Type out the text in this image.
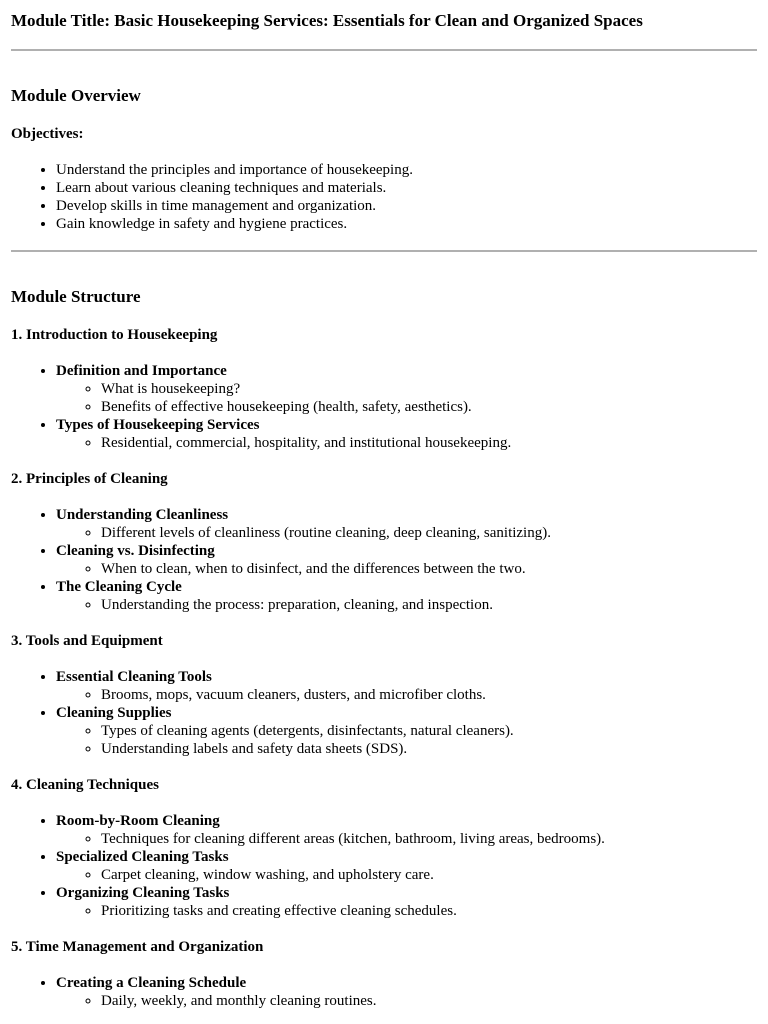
Module Title: Basic Housekeeping Services: Essentials for Clean and Organized Spaces
Module Overview
Objectives:
• Understand the principles and importance of housekeeping.
• Learn about various cleaning techniques and materials.
• Develop skills in time management and organization.
• Gain knowledge in safety and hygiene practices.
Module Structure
1. Introduction to Housekeeping
• Definition and Importance
◦ What is housekeeping?
◦ Benefits of effective housekeeping (health, safety, aesthetics).
• Types of Housekeeping Services
◦ Residential, commercial, hospitality, and institutional housekeeping.
2. Principles of Cleaning
• Understanding Cleanliness
◦ Different levels of cleanliness (routine cleaning, deep cleaning, sanitizing).
• Cleaning vs. Disinfecting
◦ When to clean, when to disinfect, and the differences between the two.
• The Cleaning Cycle
◦ Understanding the process: preparation, cleaning, and inspection.
3. Tools and Equipment
• Essential Cleaning Tools
◦ Brooms, mops, vacuum cleaners, dusters, and microfiber cloths.
• Cleaning Supplies
◦ Types of cleaning agents (detergents, disinfectants, natural cleaners).
◦ Understanding labels and safety data sheets (SDS).
4. Cleaning Techniques
• Room-by-Room Cleaning
◦ Techniques for cleaning different areas (kitchen, bathroom, living areas, bedrooms).
• Specialized Cleaning Tasks
◦ Carpet cleaning, window washing, and upholstery care.
• Organizing Cleaning Tasks
◦ Prioritizing tasks and creating effective cleaning schedules.
5. Time Management and Organization
• Creating a Cleaning Schedule
◦ Daily, weekly, and monthly cleaning routines.
